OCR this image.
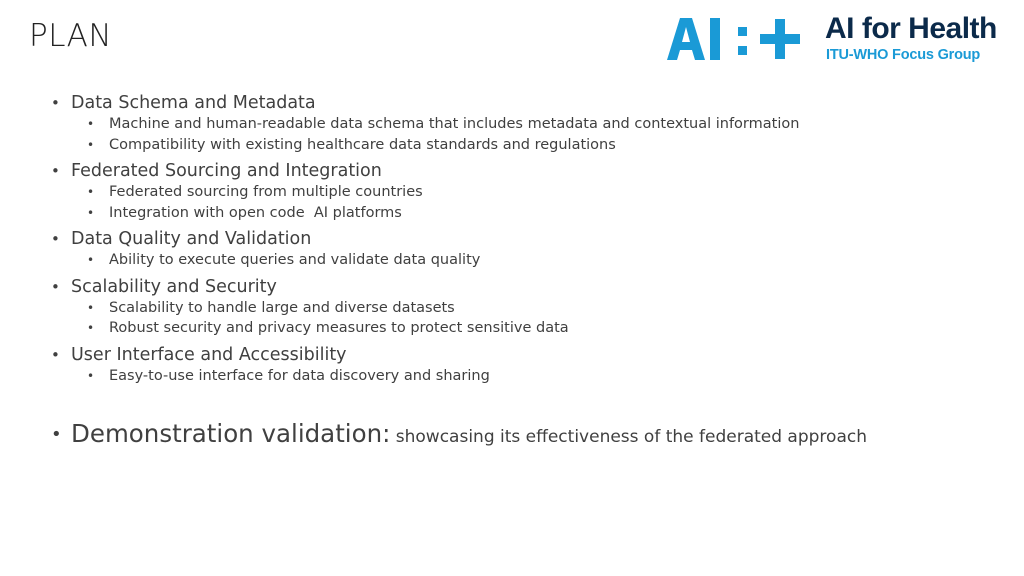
PLAN	AI for Health
ITU-WHO Focus Group
• Data Schema and Metadata
• Machine and human-readable data schema that includes metadata and contextual information
• Compatibility with existing healthcare data standards and regulations
• Federated Sourcing and Integration
• Federated sourcing from multiple countries
• Integration with open code  AI platforms
• Data Quality and Validation
• Ability to execute queries and validate data quality
• Scalability and Security
• Scalability to handle large and diverse datasets
• Robust security and privacy measures to protect sensitive data
• User Interface and Accessibility
• Easy-to-use interface for data discovery and sharing
• Demonstration validation: showcasing its effectiveness of the federated approach
